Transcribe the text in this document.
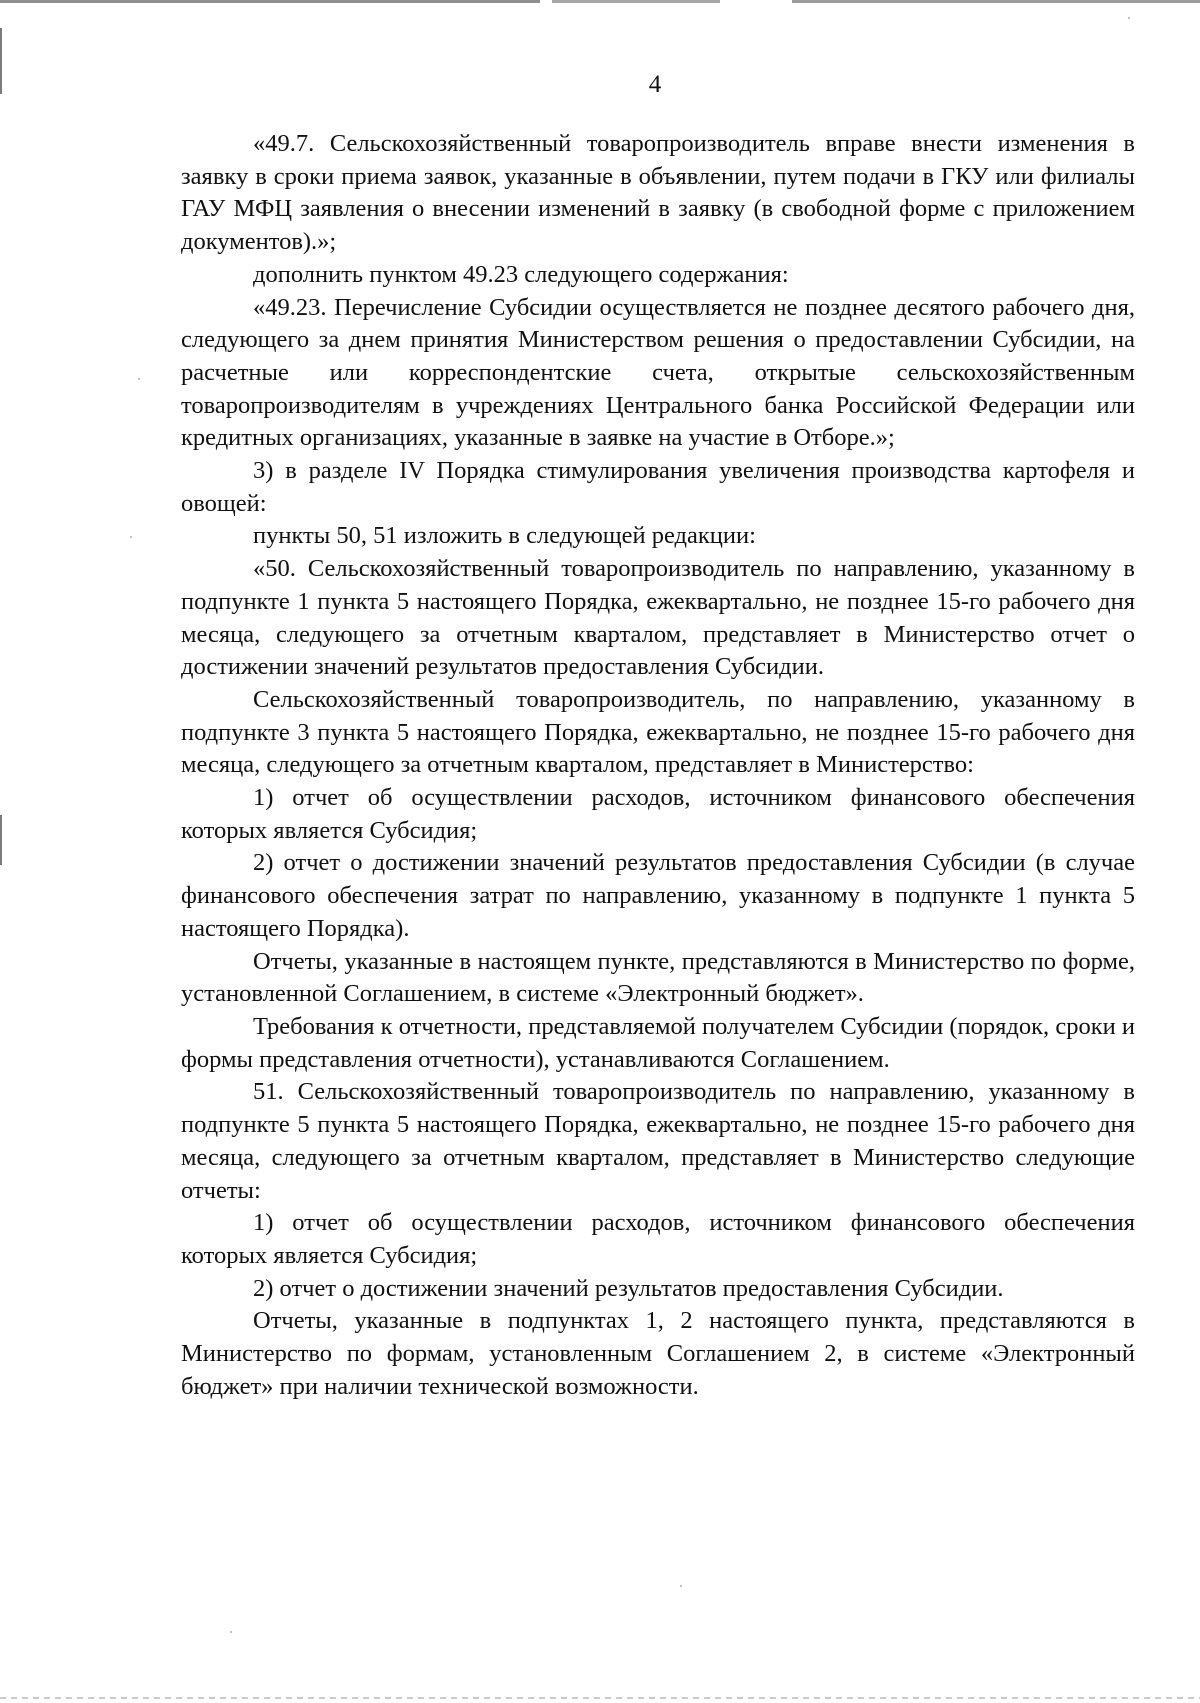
4

«49.7. Сельскохозяйственный товаропроизводитель вправе внести изменения в заявку в сроки приема заявок, указанные в объявлении, путем подачи в ГКУ или филиалы ГАУ МФЦ заявления о внесении изменений в заявку (в свободной форме с приложением документов).»;

дополнить пунктом 49.23 следующего содержания:

«49.23. Перечисление Субсидии осуществляется не позднее десятого рабочего дня, следующего за днем принятия Министерством решения о предоставлении Субсидии, на расчетные или корреспондентские счета, открытые сельскохозяйственным товаропроизводителям в учреждениях Центрального банка Российской Федерации или кредитных организациях, указанные в заявке на участие в Отборе.»;

3) в разделе IV Порядка стимулирования увеличения производства картофеля и овощей:

пункты 50, 51 изложить в следующей редакции:

«50. Сельскохозяйственный товаропроизводитель по направлению, указанному в подпункте 1 пункта 5 настоящего Порядка, ежеквартально, не позднее 15-го рабочего дня месяца, следующего за отчетным кварталом, представляет в Министерство отчет о достижении значений результатов предоставления Субсидии.

Сельскохозяйственный товаропроизводитель, по направлению, указанному в подпункте 3 пункта 5 настоящего Порядка, ежеквартально, не позднее 15-го рабочего дня месяца, следующего за отчетным кварталом, представляет в Министерство:

1) отчет об осуществлении расходов, источником финансового обеспечения которых является Субсидия;

2) отчет о достижении значений результатов предоставления Субсидии (в случае финансового обеспечения затрат по направлению, указанному в подпункте 1 пункта 5 настоящего Порядка).

Отчеты, указанные в настоящем пункте, представляются в Министерство по форме, установленной Соглашением, в системе «Электронный бюджет».

Требования к отчетности, представляемой получателем Субсидии (порядок, сроки и формы представления отчетности), устанавливаются Соглашением.

51. Сельскохозяйственный товаропроизводитель по направлению, указанному в подпункте 5 пункта 5 настоящего Порядка, ежеквартально, не позднее 15-го рабочего дня месяца, следующего за отчетным кварталом, представляет в Министерство следующие отчеты:

1) отчет об осуществлении расходов, источником финансового обеспечения которых является Субсидия;

2) отчет о достижении значений результатов предоставления Субсидии.

Отчеты, указанные в подпунктах 1, 2 настоящего пункта, представляются в Министерство по формам, установленным Соглашением 2, в системе «Электронный бюджет» при наличии технической возможности.
